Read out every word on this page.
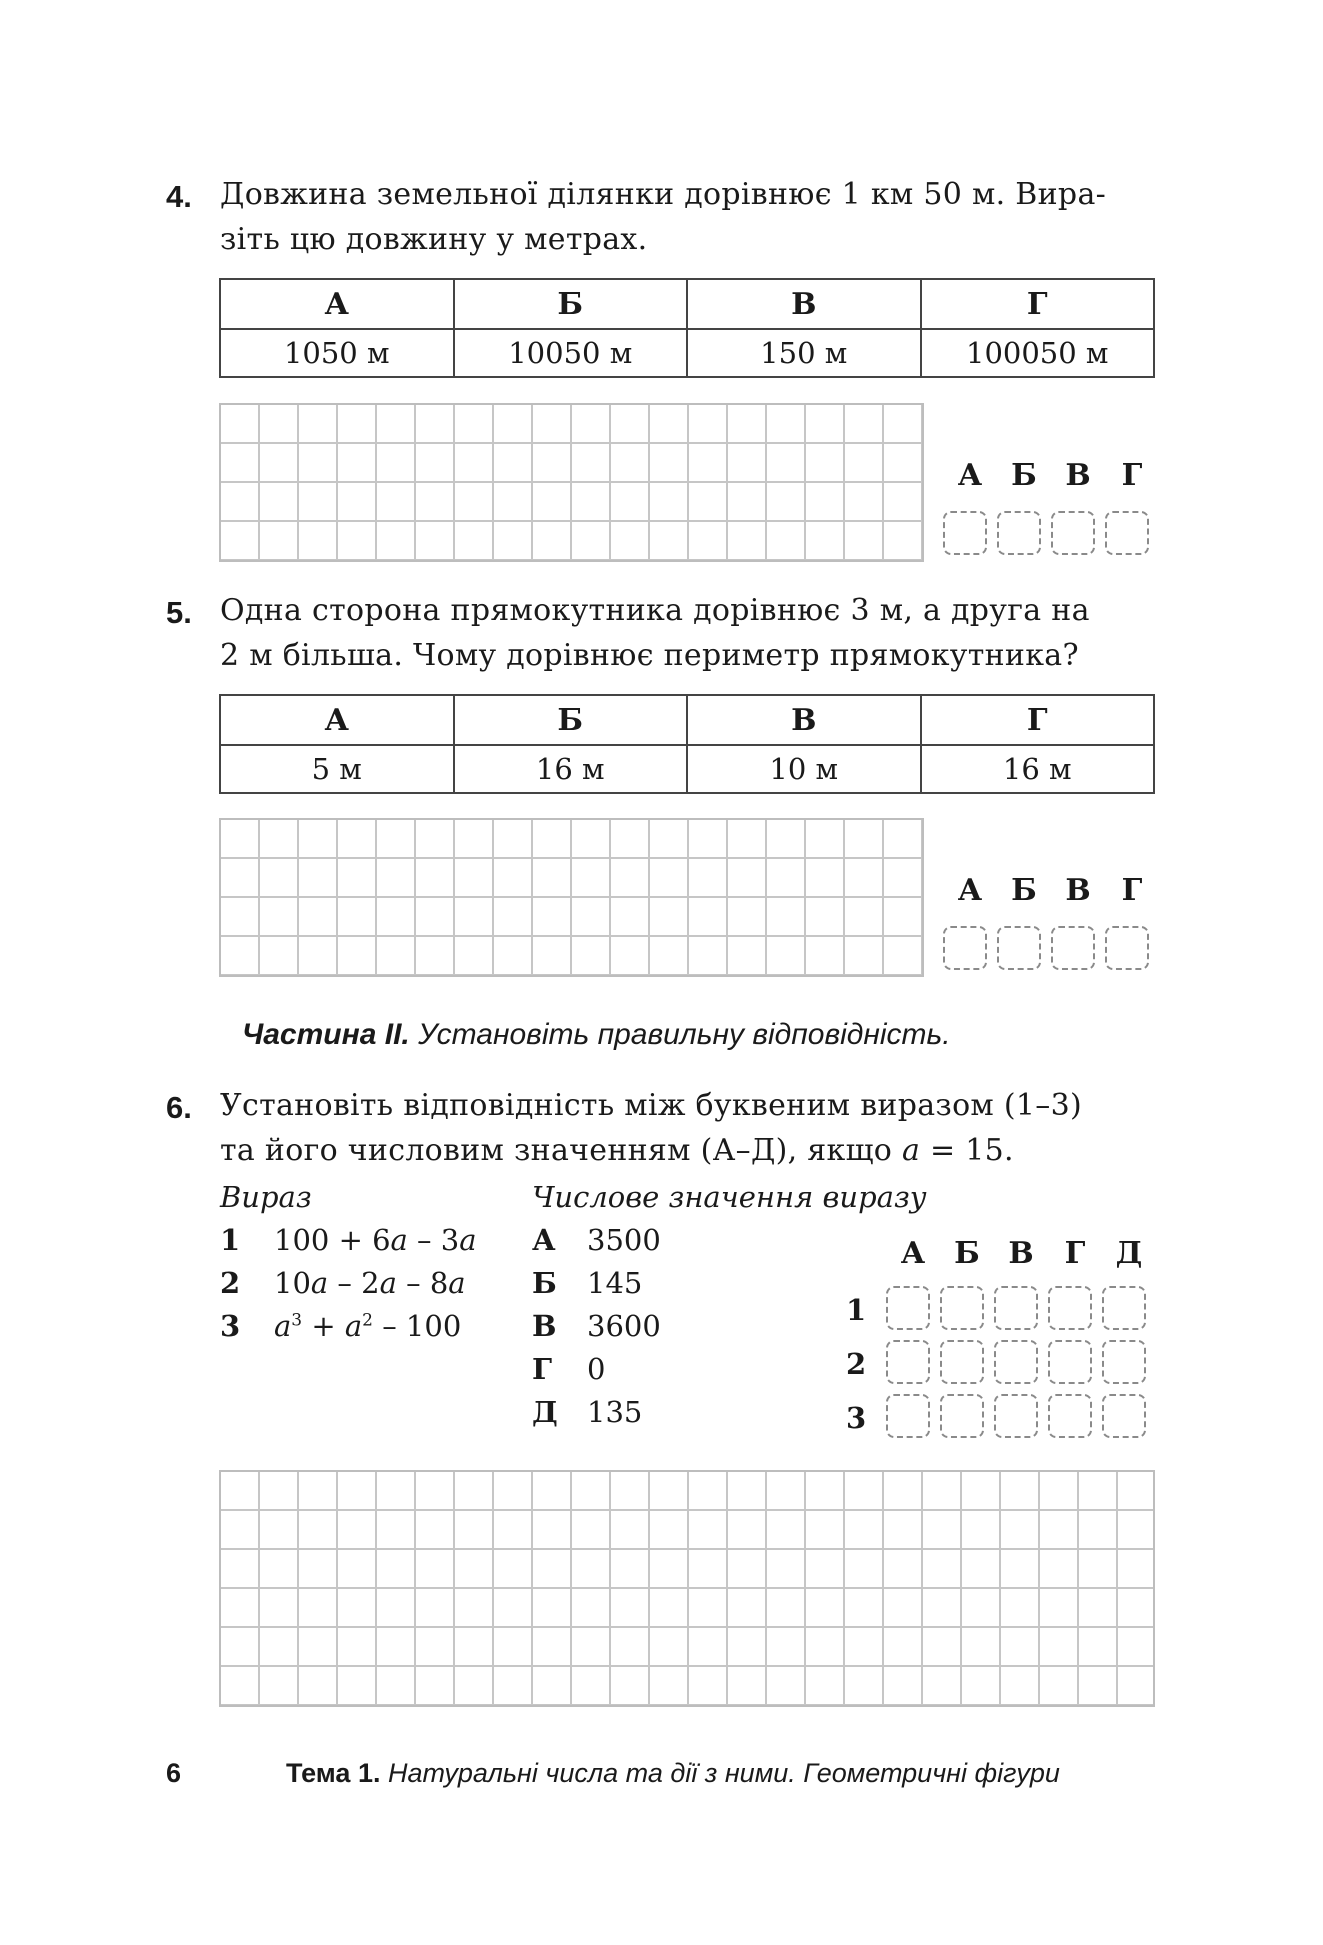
4. Довжина земельної ділянки дорівнює 1 км 50 м. Вира-
зіть цю довжину у метрах.
А	Б	В	Г
1050 м	10050 м	150 м	100050 м
А Б В	Г
5. Одна сторона прямокутника дорівнює 3 м, а друга на
2 м більша. Чому дорівнює периметр прямокутника?
А	Б	В	Г
5 м	16 м	10 м	16 м
А Б В	Г
Частина ІІ. Установіть правильну відповідність.
6. Установіть відповідність між буквеним виразом (1–3)
та його числовим значенням (А–Д), якщо a = 15.
Вираз	Числове значення виразу
1 100 + 6a – 3a
2 10a – 2a – 8a
3 $a^3 + a^2 - 100$
А 3500
Б 145
В 3600
Г 0
Д 135
А Б В	Г	Д
1
2
3
6	Тема 1. Натуральні числа та дії з ними. Геометричні фігури
